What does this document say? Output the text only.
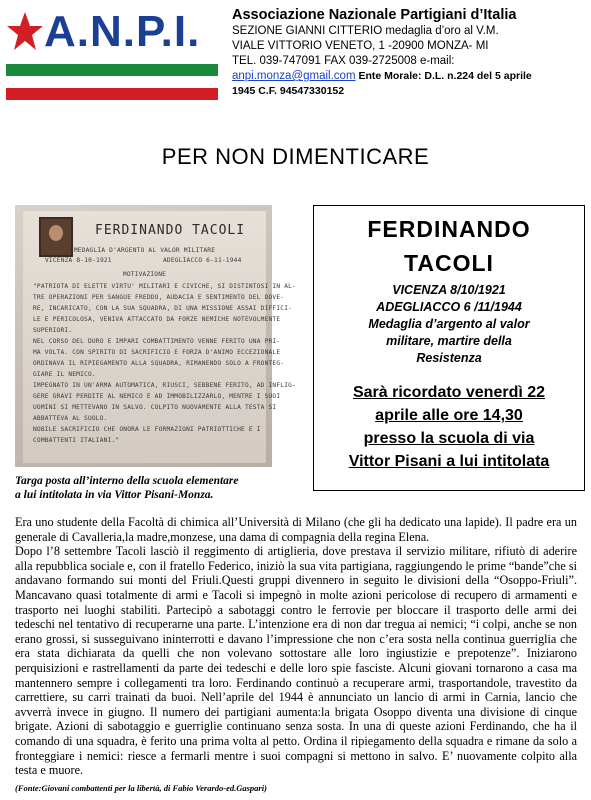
A.N.P.I. Associazione Nazionale Partigiani d’Italia
SEZIONE GIANNI CITTERIO medaglia d’oro al V.M.
VIALE VITTORIO VENETO, 1 -20900 MONZA- MI
TEL. 039-747091 FAX 039-2725008 e-mail:
anpi.monza@gmail.com Ente Morale: D.L. n.224 del 5 aprile
1945 C.F. 94547330152
PER NON DIMENTICARE
FERDINANDO TACOLI
MEDAGLIA D'ARGENTO AL VALOR MILITARE
VICENZA 8-10-1921	ADEGLIACCO 6-11-1944
MOTIVAZIONE
"PATRIOTA DI ELETTE VIRTU' MILITARI E CIVICHE, SI DISTINTOSI IN AL-
TRE OPERAZIONI PER SANGUE FREDDO, AUDACIA E SENTIMENTO DEL DOVE-
RE, INCARICATO, CON LA SUA SQUADRA, DI UNA MISSIONE ASSAI DIFFICI-
LE E PERICOLOSA, VENIVA ATTACCATO DA FORZE NEMICHE NOTEVOLMENTE
SUPERIORI.
NEL CORSO DEL DURO E IMPARI COMBATTIMENTO VENNE FERITO UNA PRI-
MA VOLTA. CON SPIRITO DI SACRIFICIO E FORZA D'ANIMO ECCEZIONALE
ORDINAVA IL RIPIEGAMENTO ALLA SQUADRA, RIMANENDO SOLO A FRONTEG-
GIARE IL NEMICO.
IMPEGNATO IN UN'ARMA AUTOMATICA, RIUSCI, SEBBENE FERITO, AD INFLIG-
GERE GRAVI PERDITE AL NEMICO E AD IMMOBILIZZARLO, MENTRE I SUOI
UOMINI SI METTEVANO IN SALVO. COLPITO NUOVAMENTE ALLA TESTA SI
ABBATTEVA AL SUOLO.
NOBILE SACRIFICIO CHE ONORA LE FORMAZIONI PATRIOTTICHE E I
COMBATTENTI ITALIANI."
Targa posta all’interno della scuola elementare
a lui intitolata in via Vittor Pisani-Monza.
FERDINANDO
TACOLI
VICENZA 8/10/1921
ADEGLIACCO 6 /11/1944
Medaglia d’argento al valor
militare, martire della
Resistenza
Sarà ricordato venerdì 22
aprile alle ore 14,30
presso la scuola di via
Vittor Pisani a lui intitolata

Era uno studente della Facoltà di chimica all’Università di Milano (che gli ha dedicato una lapide). Il padre era un generale di Cavalleria,la madre,monzese, una dama di compagnia della regina Elena.

Dopo l’8 settembre Tacoli lasciò il reggimento di artiglieria, dove prestava il servizio militare, rifiutò di aderire alla repubblica sociale e, con il fratello Federico, iniziò la sua vita partigiana, raggiungendo le prime “bande”che si andavano formando sui monti del Friuli.Questi gruppi divennero in seguito le divisioni della “Osoppo-Friuli”. Mancavano quasi totalmente di armi e Tacoli si impegnò in molte azioni pericolose di recupero di armamenti e trasporto nei luoghi stabiliti. Partecipò a sabotaggi contro le ferrovie per bloccare il trasporto delle armi dei tedeschi nel tentativo di recuperarne una parte. L’intenzione era di non dar tregua ai nemici; “i colpi, anche se non erano grossi, si susseguivano ininterrotti e davano l’impressione che non c’era sosta nella continua guerriglia che era stata dichiarata da quelli che non volevano sottostare alle loro ingiustizie e prepotenze”. Iniziarono perquisizioni e rastrellamenti da parte dei tedeschi e delle loro spie fasciste. Alcuni giovani tornarono a casa ma mantennero sempre i collegamenti tra loro. Ferdinando continuò a recuperare armi, trasportandole, travestito da carrettiere, su carri trainati da buoi. Nell’aprile del 1944 è annunciato un lancio di armi in Carnia, lancio che avverrà invece in giugno. Il numero dei partigiani aumenta:la brigata Osoppo diventa una divisione di cinque brigate. Azioni di sabotaggio e guerriglie continuano senza sosta. In una di queste azioni Ferdinando, che ha il comando di una squadra, è ferito una prima volta al petto. Ordina il ripiegamento della squadra e rimane da solo a fronteggiare i nemici: riesce a fermarli mentre i suoi compagni si mettono in salvo. E’ nuovamente colpito alla testa e muore.

(Fonte:Giovani combattenti per la libertà, di Fabio Verardo-ed.Gaspari)
